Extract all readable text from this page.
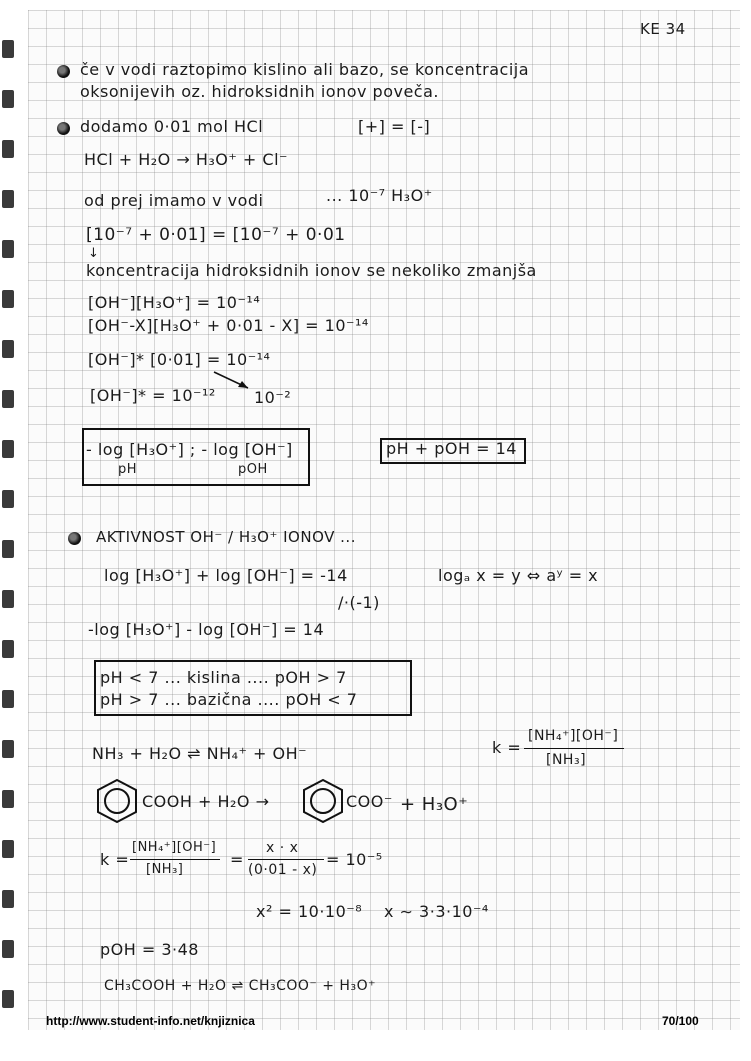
KE 34
če v vodi raztopimo kislino ali bazo, se koncentracija
oksonijevih oz. hidroksidnih ionov poveča.
dodamo 0·01 mol HCl	[+] = [-]
HCl + H₂O → H₃O⁺ + Cl⁻
od prej imamo v vodi	... 10⁻⁷ H₃O⁺
[10⁻⁷ + 0·01] = [10⁻⁷ + 0·01
↓
koncentracija hidroksidnih ionov se nekoliko zmanjša
[OH⁻][H₃O⁺] = 10⁻¹⁴
[OH⁻-X][H₃O⁺ + 0·01 - X] = 10⁻¹⁴
[OH⁻]* [0·01] = 10⁻¹⁴
[OH⁻]* = 10⁻¹² 10⁻²
- log [H₃O⁺] ; - log [OH⁻]
pH	pOH
pH + pOH = 14
AKTIVNOST OH⁻ / H₃O⁺ IONOV ...
log [H₃O⁺] + log [OH⁻] = -14	logₐ x = y ⇔ aʸ = x
/·(-1)
-log [H₃O⁺] - log [OH⁻] = 14
pH < 7 ... kislina .... pOH > 7
pH > 7 ... bazična .... pOH < 7
NH₃ + H₂O ⇌ NH₄⁺ + OH⁻	k =
[NH₄⁺][OH⁻]
[NH₃]
COOH + H₂O →	COO⁻ + H₃O⁺
k =
[NH₄⁺][OH⁻]
[NH₃]
=
x · x
(0·01 - x)
= 10⁻⁵
x² = 10·10⁻⁸ x ∼ 3·3·10⁻⁴
pOH = 3·48
CH₃COOH + H₂O ⇌ CH₃COO⁻ + H₃O⁺
http://www.student-info.net/knjiznica	70/100
